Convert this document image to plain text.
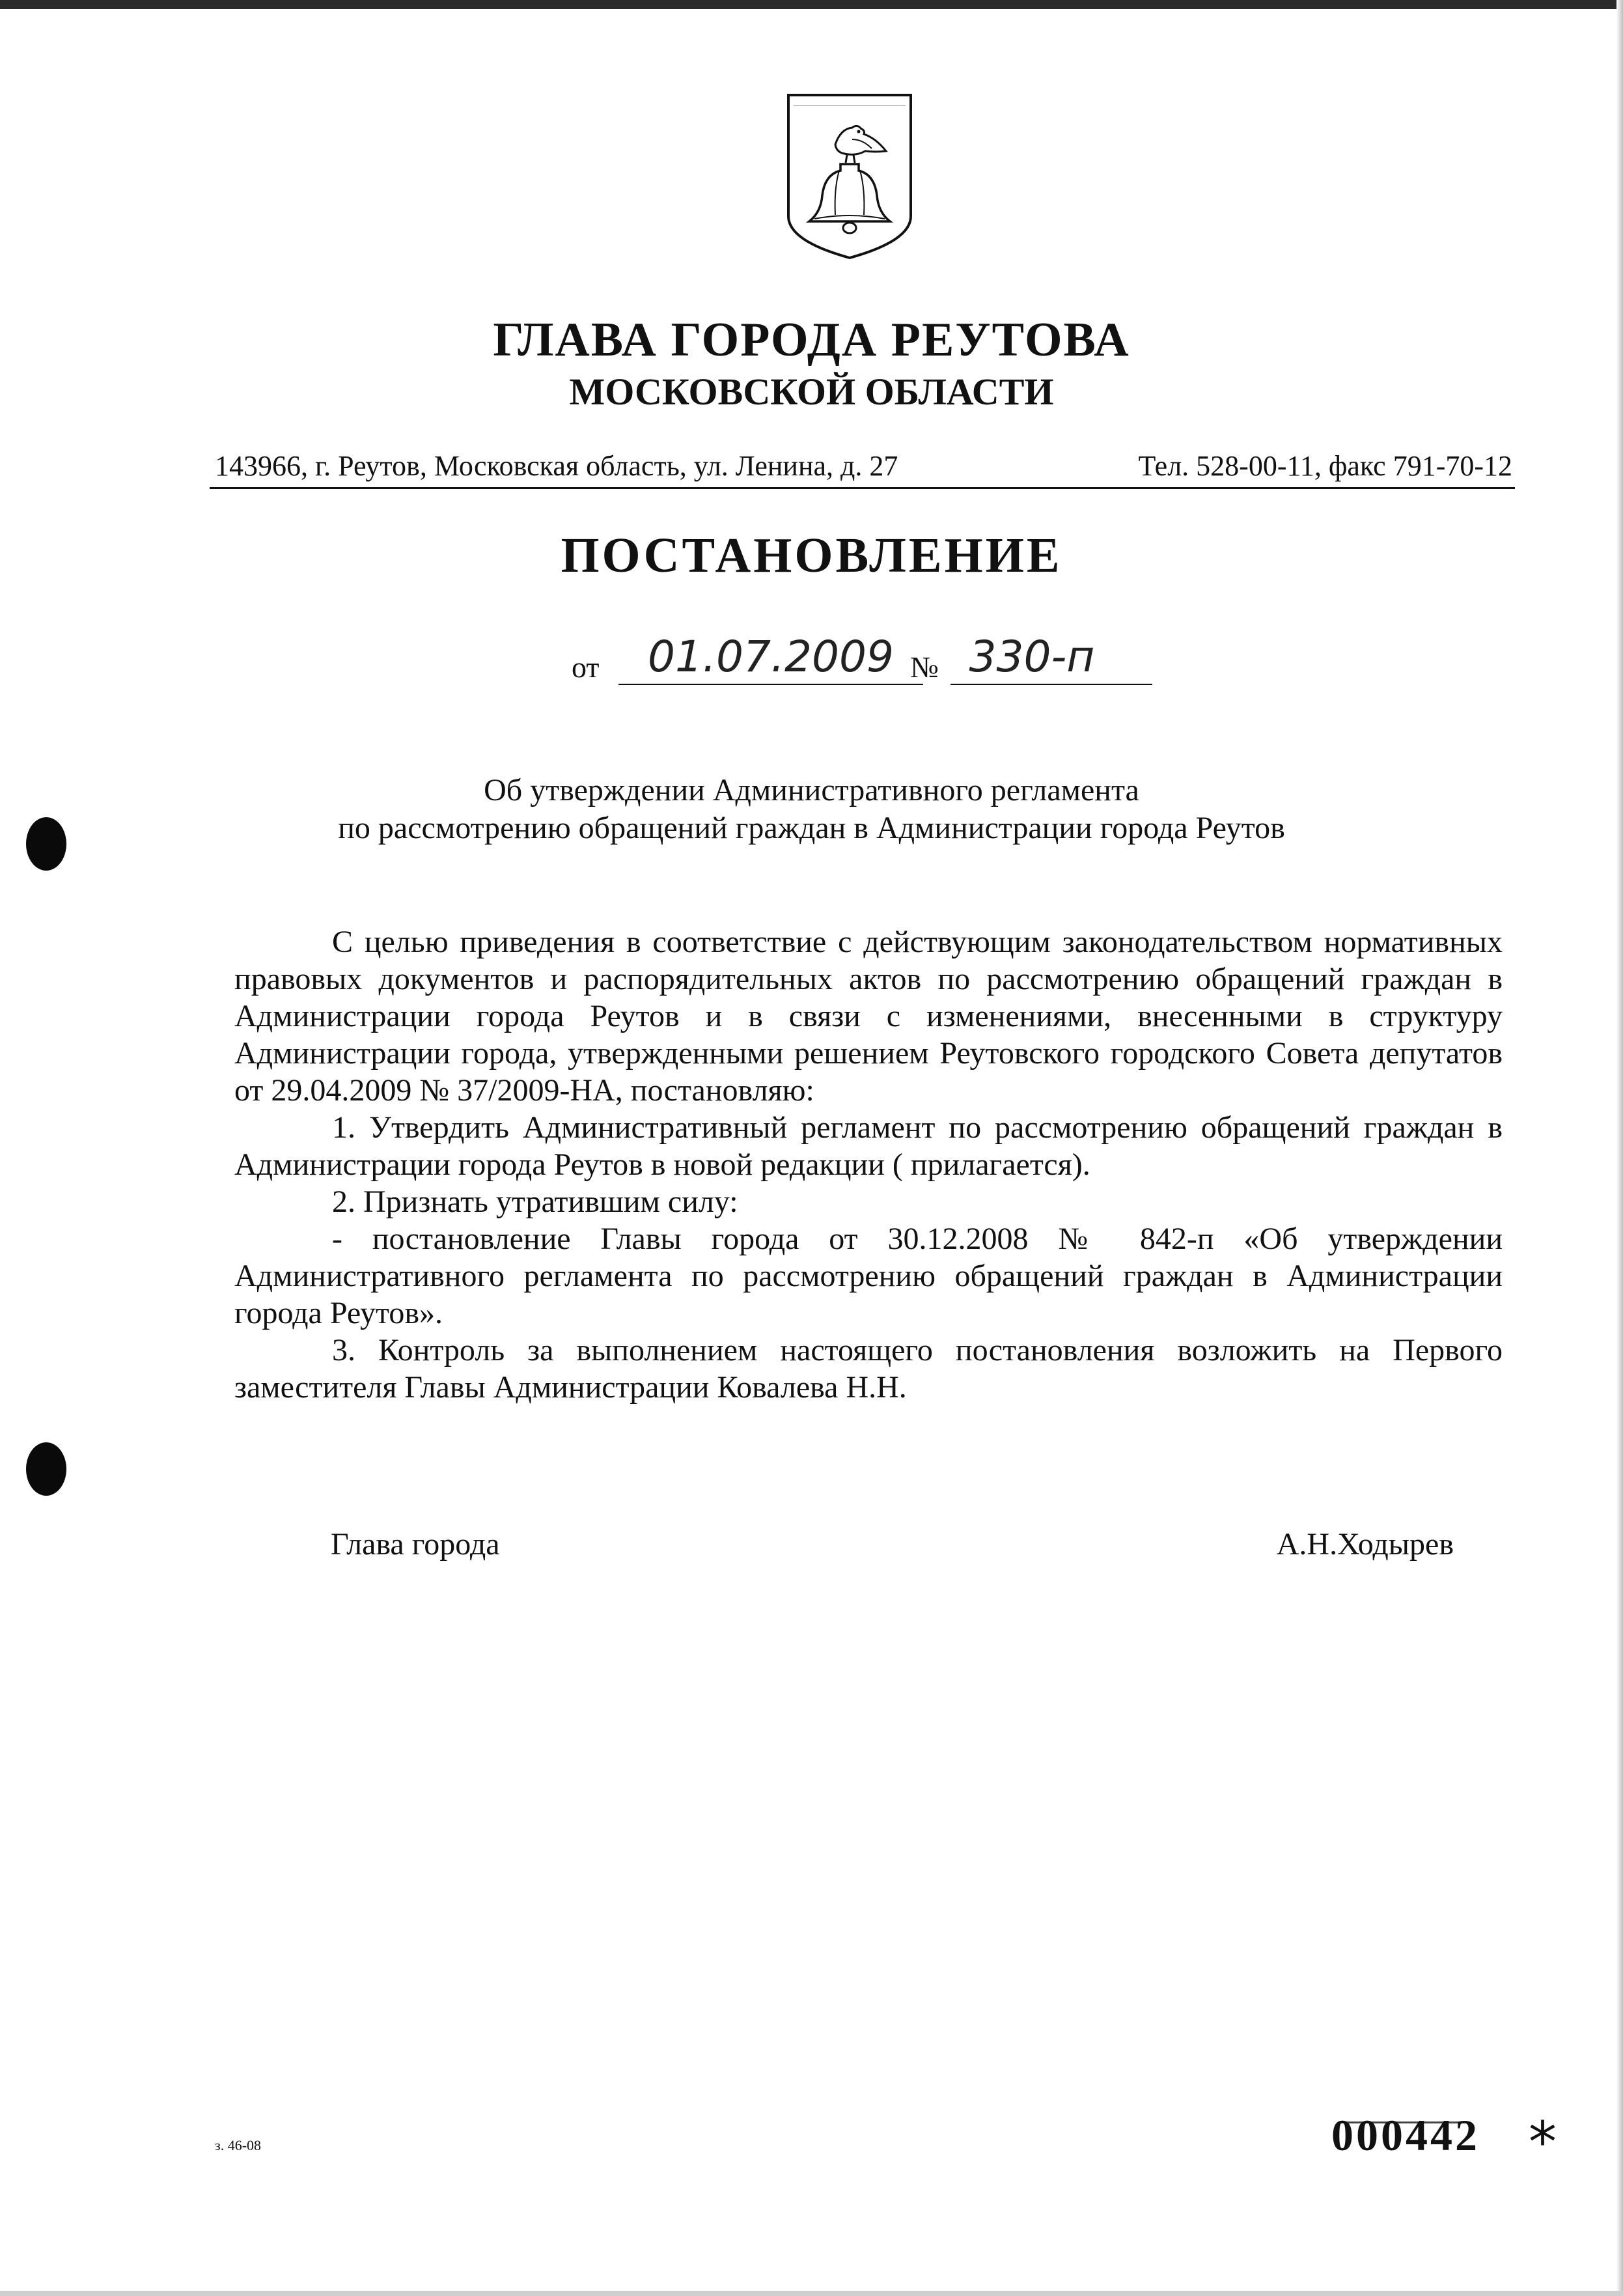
ГЛАВА ГОРОДА РЕУТОВА
МОСКОВСКОЙ ОБЛАСТИ
143966, г. Реутов, Московская область, ул. Ленина, д. 27	Тел. 528-00-11, факс 791-70-12
ПОСТАНОВЛЕНИЕ
от	01.07.2009 № 330-п
Об утверждении Административного регламента
по рассмотрению обращений граждан в Администрации города Реутов

С целью приведения в соответствие с действующим законодательством нормативных правовых документов и распорядительных актов по рассмотрению обращений граждан в Администрации города Реутов и в связи с изменениями, внесенными в структуру Администрации города, утвержденными решением Реутовского городского Совета депутатов от 29.04.2009 № 37/2009-НА, постановляю:

1. Утвердить Административный регламент по рассмотрению обращений граждан в Администрации города Реутов в новой редакции ( прилагается).

2. Признать утратившим силу:

- постановление Главы города от 30.12.2008 № 842-п «Об утверждении Административного регламента по рассмотрению обращений граждан в Администрации города Реутов».

3. Контроль за выполнением настоящего постановления возложить на Первого заместителя Главы Администрации Ковалева Н.Н.

Глава города	А.Н.Ходырев
з. 46-08	000442 *
